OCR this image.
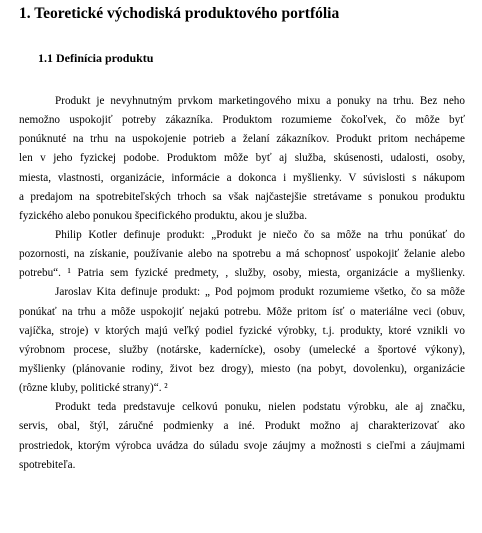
1. Teoretické východiská produktového portfólia
1.1 Definícia produktu
Produkt je nevyhnutným prvkom marketingového mixu a ponuky na trhu. Bez neho
nemožno uspokojiť potreby zákazníka. Produktom rozumieme čokoľvek, čo môže byť
ponúknuté na trhu na uspokojenie potrieb a želaní zákazníkov. Produkt pritom nechápeme
len v jeho fyzickej podobe. Produktom môže byť aj služba, skúsenosti, udalosti, osoby,
miesta, vlastnosti, organizácie, informácie a dokonca i myšlienky. V súvislosti s nákupom
a predajom na spotrebiteľských trhoch sa však najčastejšie stretávame s ponukou produktu
fyzického alebo ponukou špecifického produktu, akou je služba.
Philip Kotler definuje produkt: „Produkt je niečo čo sa môže na trhu ponúkať do
pozornosti, na získanie, používanie alebo na spotrebu a má schopnosť uspokojiť želanie alebo
potrebu“. ¹ Patria sem fyzické predmety, , služby, osoby, miesta, organizácie a myšlienky.
Jaroslav Kita definuje produkt: „ Pod pojmom produkt rozumieme všetko, čo sa môže
ponúkať na trhu a môže uspokojiť nejakú potrebu. Môže pritom ísť o materiálne veci (obuv,
vajíčka, stroje) v ktorých majú veľký podiel fyzické výrobky, t.j. produkty, ktoré vznikli vo
výrobnom procese, služby (notárske, kadernícke), osoby (umelecké a športové výkony),
myšlienky (plánovanie rodiny, život bez drogy), miesto (na pobyt, dovolenku), organizácie
(rôzne kluby, politické strany)“. ²
Produkt teda predstavuje celkovú ponuku, nielen podstatu výrobku, ale aj značku,
servis, obal, štýl, záručné podmienky a iné. Produkt možno aj charakterizovať ako
prostriedok, ktorým výrobca uvádza do súladu svoje záujmy a možnosti s cieľmi a záujmami
spotrebiteľa.
